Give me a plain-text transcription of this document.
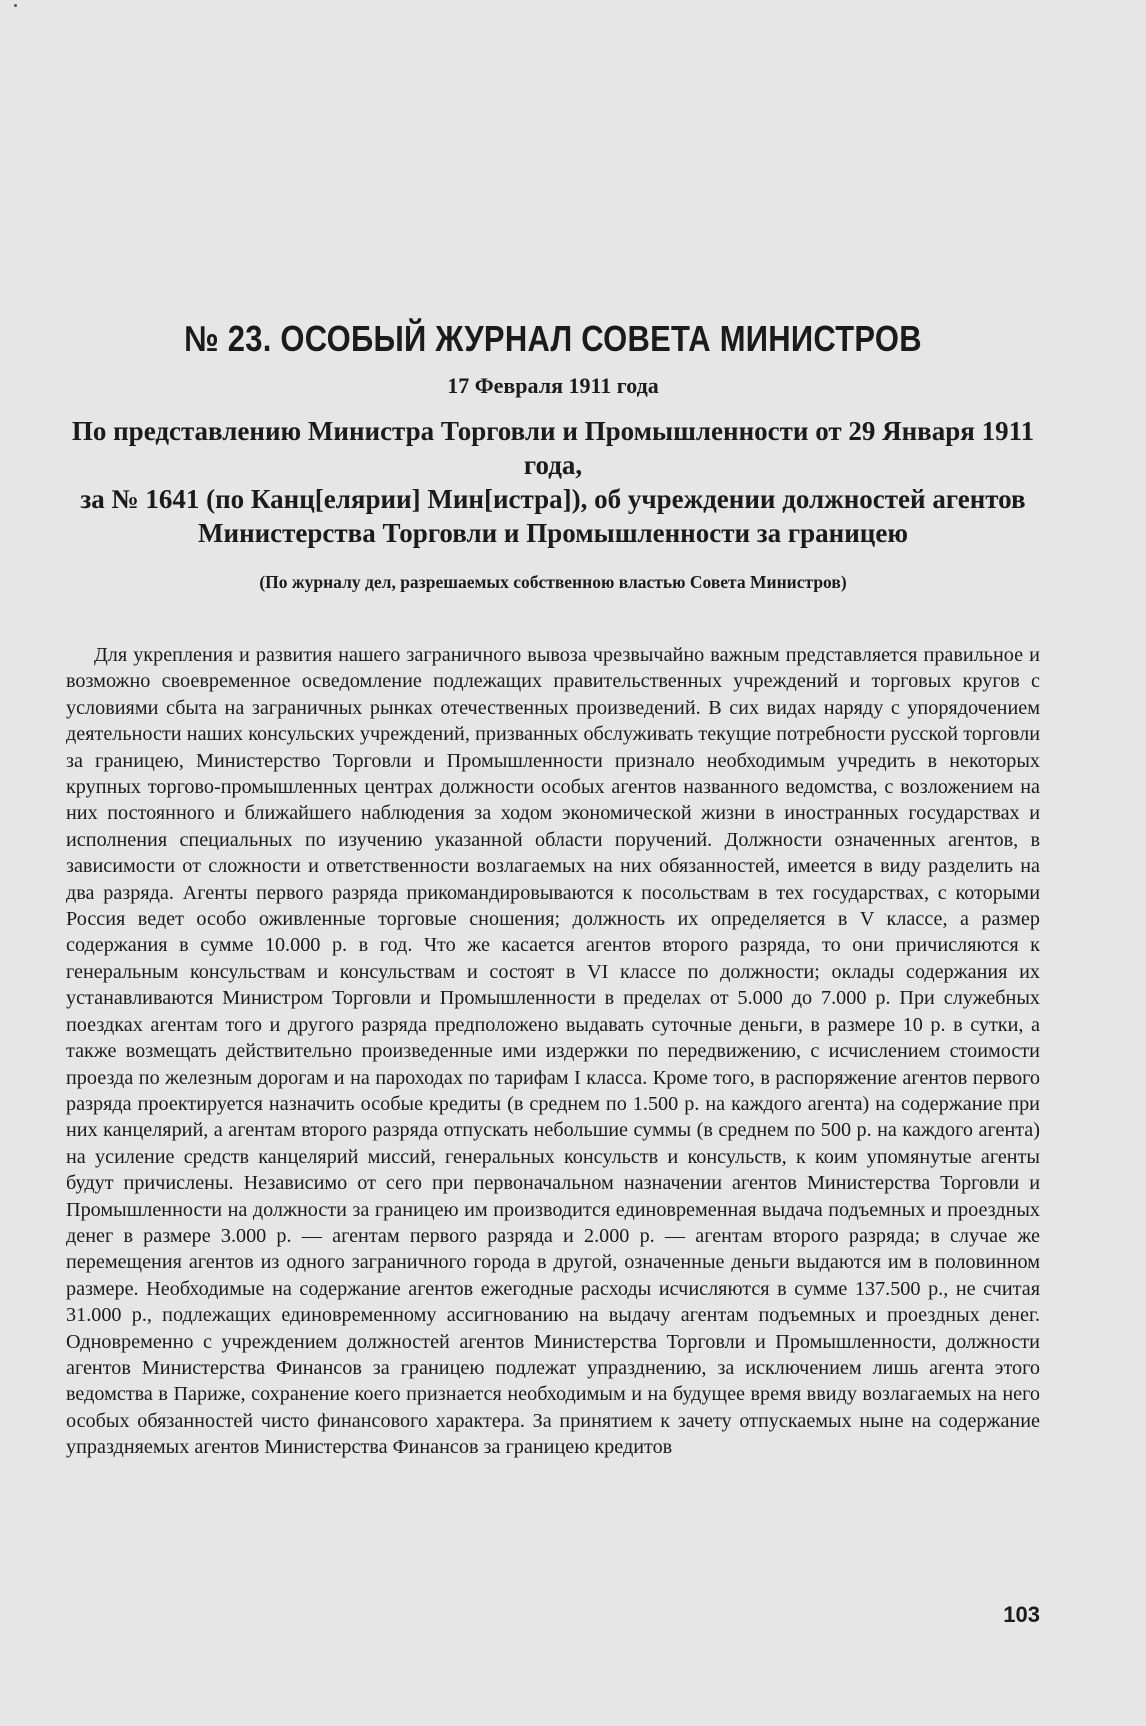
№ 23. ОСОБЫЙ ЖУРНАЛ СОВЕТА МИНИСТРОВ
17 Февраля 1911 года
По представлению Министра Торговли и Промышленности от 29 Января 1911 года,
за № 1641 (по Канц[елярии] Мин[истра]), об учреждении должностей агентов
Министерства Торговли и Промышленности за границею
(По журналу дел, разрешаемых собственною властью Совета Министров)

Для укрепления и развития нашего заграничного вывоза чрезвычайно важным представляется правильное и возможно своевременное осведомление подлежащих правительственных учреждений и торговых кругов с условиями сбыта на заграничных рынках отечественных произведений. В сих видах наряду с упорядочением деятельности наших консульских учреждений, призванных обслуживать текущие потребности русской торговли за границею, Министерство Торговли и Промышленности признало необходимым учредить в некоторых крупных торгово-промышленных центрах должности особых агентов названного ведомства, с возложением на них постоянного и ближайшего наблюдения за ходом экономической жизни в иностранных государствах и исполнения специальных по изучению указанной области поручений. Должности означенных агентов, в зависимости от сложности и ответственности возлагаемых на них обязанностей, имеется в виду разделить на два разряда. Агенты первого разряда прикомандировываются к посольствам в тех государствах, с которыми Россия ведет особо оживленные торговые сношения; должность их определяется в V классе, а размер содержания в сумме 10.000 р. в год. Что же касается агентов второго разряда, то они причисляются к генеральным консульствам и консульствам и состоят в VI классе по должности; оклады содержания их устанавливаются Министром Торговли и Промышленности в пределах от 5.000 до 7.000 р. При служебных поездках агентам того и другого разряда предположено выдавать суточные деньги, в размере 10 р. в сутки, а также возмещать действительно произведенные ими издержки по передвижению, с исчислением стоимости проезда по железным дорогам и на пароходах по тарифам I класса. Кроме того, в распоряжение агентов первого разряда проектируется назначить особые кредиты (в среднем по 1.500 р. на каждого агента) на содержание при них канцелярий, а агентам второго разряда отпускать небольшие суммы (в среднем по 500 р. на каждого агента) на усиление средств канцелярий миссий, генеральных консульств и консульств, к коим упомянутые агенты будут причислены. Независимо от сего при первоначальном назначении агентов Министерства Торговли и Промышленности на должности за границею им производится единовременная выдача подъемных и проездных денег в размере 3.000 р. — агентам первого разряда и 2.000 р. — агентам второго разряда; в случае же перемещения агентов из одного заграничного города в другой, означенные деньги выдаются им в половинном размере. Необходимые на содержание агентов ежегодные расходы исчисляются в сумме 137.500 р., не считая 31.000 р., подлежащих единовременному ассигнованию на выдачу агентам подъемных и проездных денег. Одновременно с учреждением должностей агентов Министерства Торговли и Промышленности, должности агентов Министерства Финансов за границею подлежат упразднению, за исключением лишь агента этого ведомства в Париже, сохранение коего признается необходимым и на будущее время ввиду возлагаемых на него особых обязанностей чисто финансового характера. За принятием к зачету отпускаемых ныне на содержание упраздняемых агентов Министерства Финансов за границею кредитов

103
